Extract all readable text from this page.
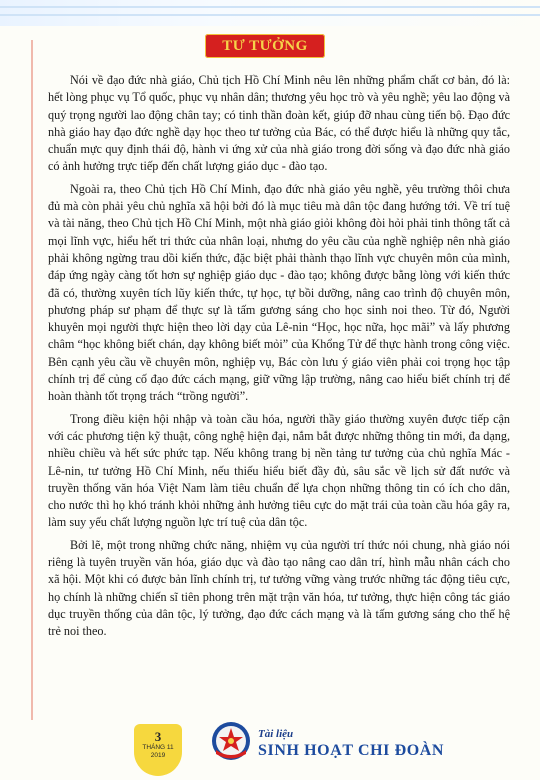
TƯ TƯỞNG

Nói về đạo đức nhà giáo, Chủ tịch Hồ Chí Minh nêu lên những phẩm chất cơ bản, đó là: hết lòng phục vụ Tổ quốc, phục vụ nhân dân; thương yêu học trò và yêu nghề; yêu lao động và quý trọng người lao động chân tay; có tinh thần đoàn kết, giúp đỡ nhau cùng tiến bộ. Đạo đức nhà giáo hay đạo đức nghề dạy học theo tư tưởng của Bác, có thể được hiểu là những quy tắc, chuẩn mực quy định thái độ, hành vi ứng xử của nhà giáo trong đời sống và đạo đức nhà giáo có ảnh hưởng trực tiếp đến chất lượng giáo dục - đào tạo.

Ngoài ra, theo Chủ tịch Hồ Chí Minh, đạo đức nhà giáo yêu nghề, yêu trường thôi chưa đủ mà còn phải yêu chủ nghĩa xã hội bởi đó là mục tiêu mà dân tộc đang hướng tới. Về trí tuệ và tài năng, theo Chủ tịch Hồ Chí Minh, một nhà giáo giỏi không đòi hỏi phải tinh thông tất cả mọi lĩnh vực, hiểu hết tri thức của nhân loại, nhưng do yêu cầu của nghề nghiệp nên nhà giáo phải không ngừng trau dồi kiến thức, đặc biệt phải thành thạo lĩnh vực chuyên môn của mình, đáp ứng ngày càng tốt hơn sự nghiệp giáo dục - đào tạo; không được bằng lòng với kiến thức đã có, thường xuyên tích lũy kiến thức, tự học, tự bồi dưỡng, nâng cao trình độ chuyên môn, phương pháp sư phạm để thực sự là tấm gương sáng cho học sinh noi theo. Từ đó, Người khuyên mọi người thực hiện theo lời dạy của Lê-nin “Học, học nữa, học mãi” và lấy phương châm “học không biết chán, dạy không biết mỏi” của Khổng Tử để thực hành trong công việc. Bên cạnh yêu cầu về chuyên môn, nghiệp vụ, Bác còn lưu ý giáo viên phải coi trọng học tập chính trị để củng cố đạo đức cách mạng, giữ vững lập trường, nâng cao hiểu biết chính trị để hoàn thành tốt trọng trách “trồng người”.

Trong điều kiện hội nhập và toàn cầu hóa, người thầy giáo thường xuyên được tiếp cận với các phương tiện kỹ thuật, công nghệ hiện đại, nắm bắt được những thông tin mới, đa dạng, nhiều chiều và hết sức phức tạp. Nếu không trang bị nền tảng tư tưởng của chủ nghĩa Mác - Lê-nin, tư tưởng Hồ Chí Minh, nếu thiếu hiểu biết đầy đủ, sâu sắc về lịch sử đất nước và truyền thống văn hóa Việt Nam làm tiêu chuẩn để lựa chọn những thông tin có ích cho dân, cho nước thì họ khó tránh khỏi những ảnh hưởng tiêu cực do mặt trái của toàn cầu hóa gây ra, làm suy yếu chất lượng nguồn lực trí tuệ của dân tộc.

Bởi lẽ, một trong những chức năng, nhiệm vụ của người trí thức nói chung, nhà giáo nói riêng là tuyên truyền văn hóa, giáo dục và đào tạo nâng cao dân trí, hình mẫu nhân cách cho xã hội. Một khi có được bản lĩnh chính trị, tư tưởng vững vàng trước những tác động tiêu cực, họ chính là những chiến sĩ tiên phong trên mặt trận văn hóa, tư tưởng, thực hiện công tác giáo dục truyền thống của dân tộc, lý tưởng, đạo đức cách mạng và là tấm gương sáng cho thế hệ trẻ noi theo.

3
THÁNG 11
2019
Tài liệu
SINH HOẠT CHI ĐOÀN
